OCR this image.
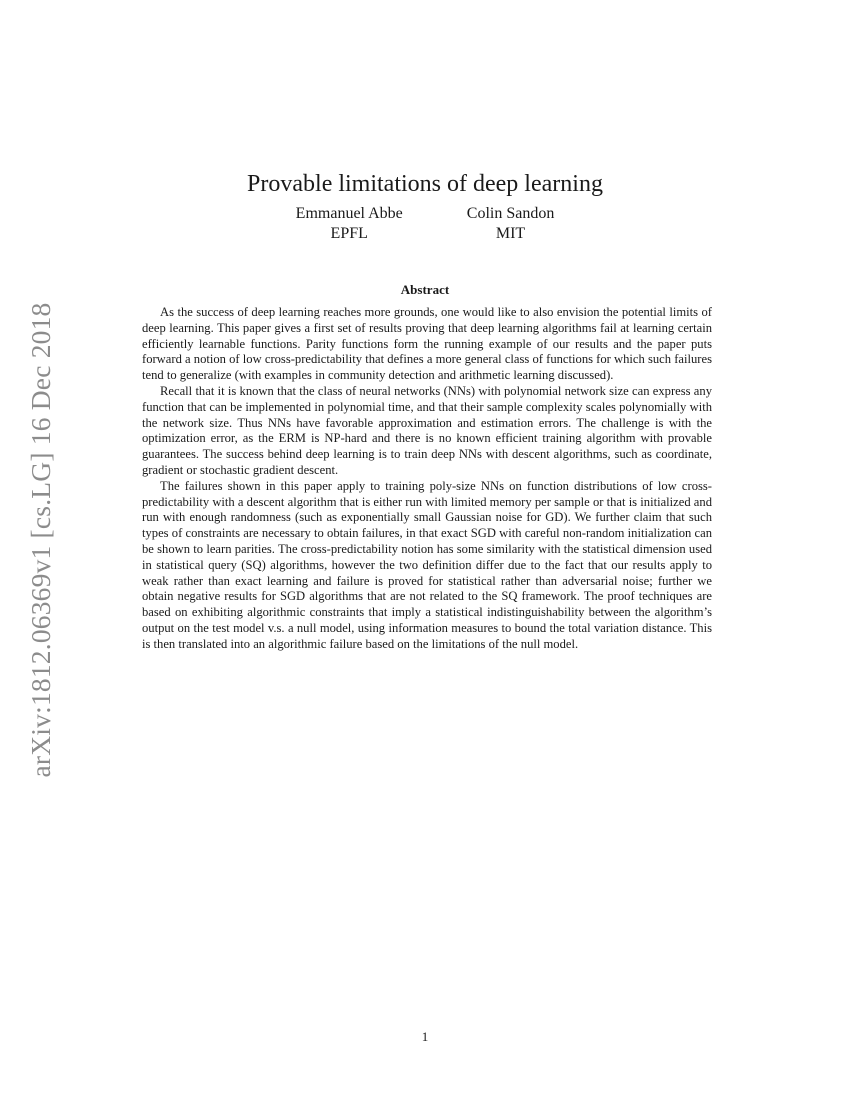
arXiv:1812.06369v1 [cs.LG] 16 Dec 2018
Provable limitations of deep learning
Emmanuel Abbe
EPFL
Colin Sandon
MIT
Abstract

As the success of deep learning reaches more grounds, one would like to also envision the potential limits of deep learning. This paper gives a first set of results proving that deep learning algorithms fail at learning certain efficiently learnable functions. Parity functions form the running example of our results and the paper puts forward a notion of low cross-predictability that defines a more general class of functions for which such failures tend to generalize (with examples in community detection and arithmetic learning discussed).

Recall that it is known that the class of neural networks (NNs) with polynomial network size can express any function that can be implemented in polynomial time, and that their sample complexity scales polynomially with the network size. Thus NNs have favorable approximation and estimation errors. The challenge is with the optimization error, as the ERM is NP-hard and there is no known efficient training algorithm with provable guarantees. The success behind deep learning is to train deep NNs with descent algorithms, such as coordinate, gradient or stochastic gradient descent.

The failures shown in this paper apply to training poly-size NNs on function distributions of low cross-predictability with a descent algorithm that is either run with limited memory per sample or that is initialized and run with enough randomness (such as exponentially small Gaussian noise for GD). We further claim that such types of constraints are necessary to obtain failures, in that exact SGD with careful non-random initialization can be shown to learn parities. The cross-predictability notion has some similarity with the statistical dimension used in statistical query (SQ) algorithms, however the two definition differ due to the fact that our results apply to weak rather than exact learning and failure is proved for statistical rather than adversarial noise; further we obtain negative results for SGD algorithms that are not related to the SQ framework. The proof techniques are based on exhibiting algorithmic constraints that imply a statistical indistinguishability between the algorithm’s output on the test model v.s. a null model, using information measures to bound the total variation distance. This is then translated into an algorithmic failure based on the limitations of the null model.

1
